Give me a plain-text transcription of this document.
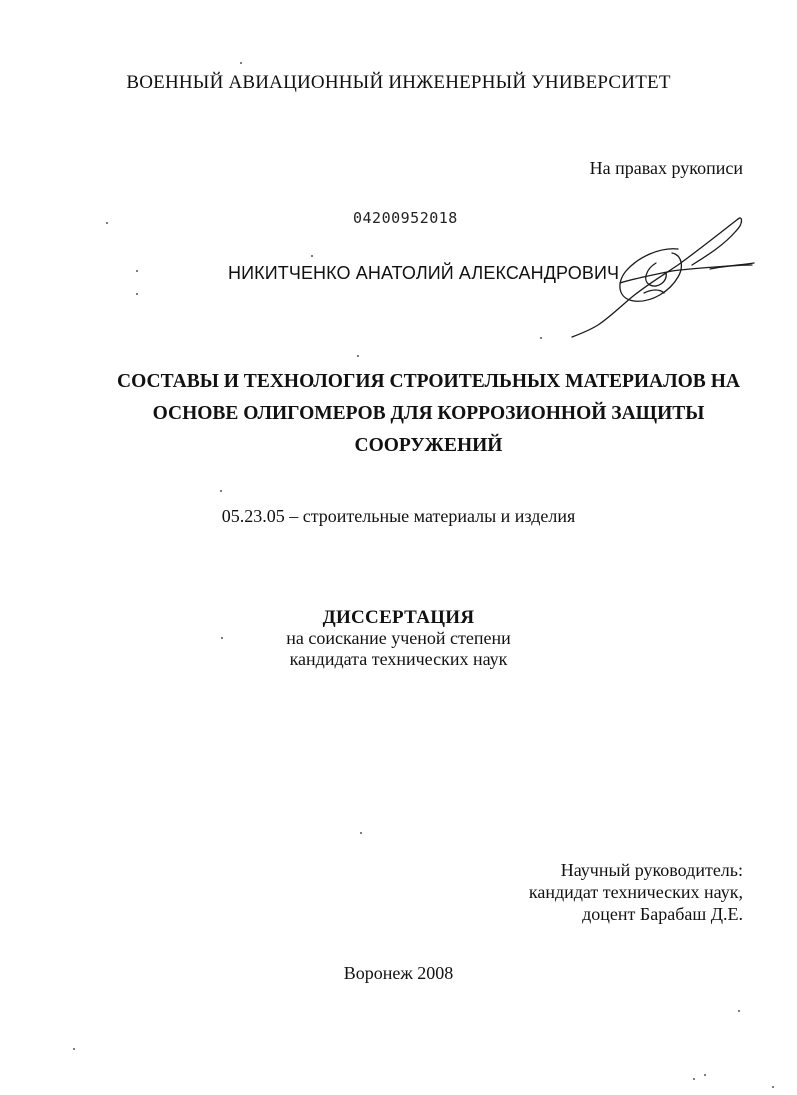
ВОЕННЫЙ АВИАЦИОННЫЙ ИНЖЕНЕРНЫЙ УНИВЕРСИТЕТ
На правах рукописи
04200952018
НИКИТЧЕНКО АНАТОЛИЙ АЛЕКСАНДРОВИЧ
СОСТАВЫ И ТЕХНОЛОГИЯ СТРОИТЕЛЬНЫХ МАТЕРИАЛОВ НА
ОСНОВЕ ОЛИГОМЕРОВ ДЛЯ КОРРОЗИОННОЙ ЗАЩИТЫ
СООРУЖЕНИЙ
05.23.05 – строительные материалы и изделия
ДИССЕРТАЦИЯ
на соискание ученой степени
кандидата технических наук
Научный руководитель:
кандидат технических наук,
доцент Барабаш Д.Е.
Воронеж 2008
